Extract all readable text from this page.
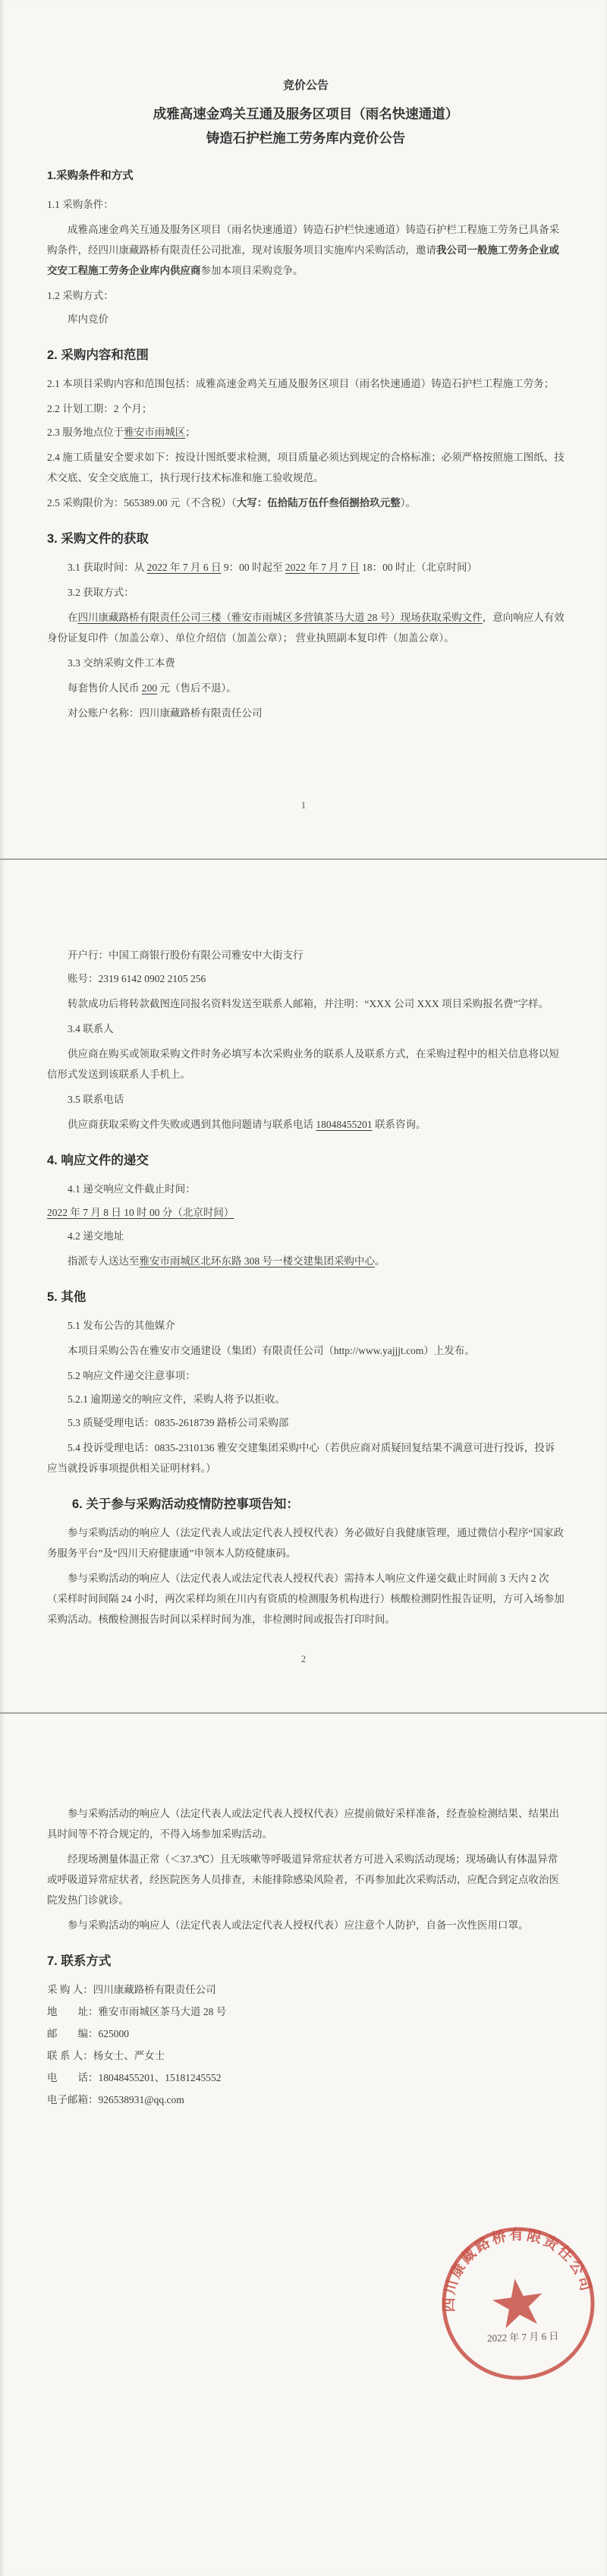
竞价公告
成雅高速金鸡关互通及服务区项目（雨名快速通道）
铸造石护栏施工劳务库内竞价公告
1.采购条件和方式
1.1 采购条件：

成雅高速金鸡关互通及服务区项目（雨名快速通道）铸造石护栏快速通道）铸造石护栏工程施工劳务已具备采购条件，经四川康藏路桥有限责任公司批准，现对该服务项目实施库内采购活动，邀请我公司一般施工劳务企业或交安工程施工劳务企业库内供应商参加本项目采购竞争。

1.2 采购方式：
库内竞价
2. 采购内容和范围

2.1 本项目采购内容和范围包括：成雅高速金鸡关互通及服务区项目（雨名快速通道）铸造石护栏工程施工劳务；

2.2 计划工期：2 个月；
2.3 服务地点位于雅安市雨城区；

2.4 施工质量安全要求如下：按设计图纸要求检测，项目质量必须达到规定的合格标准；必须严格按照施工图纸、技术交底、安全交底施工，执行现行技术标准和施工验收规范。

2.5 采购限价为：565389.00 元（不含税）（大写：伍拾陆万伍仟叁佰捌拾玖元整）。
3. 采购文件的获取

3.1 获取时间：从 2022 年 7 月 6 日 9：00 时起至 2022 年 7 月 7 日 18：00 时止（北京时间）

3.2 获取方式：

在四川康藏路桥有限责任公司三楼（雅安市雨城区多营镇茶马大道 28 号）现场获取采购文件，意向响应人有效身份证复印件（加盖公章）、单位介绍信（加盖公章）； 营业执照副本复印件（加盖公章）。

3.3 交纳采购文件工本费

每套售价人民币 200 元（售后不退）。

对公账户名称：四川康藏路桥有限责任公司
1
开户行：中国工商银行股份有限公司雅安中大街支行
账号：2319 6142 0902 2105 256

转款成功后将转款截图连同报名资料发送至联系人邮箱，并注明：“XXX 公司 XXX 项目采购报名费”字样。

3.4 联系人

供应商在购买或领取采购文件时务必填写本次采购业务的联系人及联系方式，在采购过程中的相关信息将以短信形式发送到该联系人手机上。

3.5 联系电话

供应商获取采购文件失败或遇到其他问题请与联系电话 18048455201 联系咨询。

4. 响应文件的递交
4.1 递交响应文件截止时间：
2022 年 7 月 8 日 10 时 00 分（北京时间）
4.2 递交地址

指派专人送达至雅安市雨城区北环东路 308 号一楼交建集团采购中心。

5. 其他
5.1 发布公告的其他媒介

本项目采购公告在雅安市交通建设（集团）有限责任公司（http://www.yajjjt.com）上发布。

5.2 响应文件递交注意事项：
5.2.1 逾期递交的响应文件，采购人将予以拒收。
5.3 质疑受理电话：0835-2618739 路桥公司采购部

5.4 投诉受理电话：0835-2310136 雅安交建集团采购中心（若供应商对质疑回复结果不满意可进行投诉，投诉应当就投诉事项提供相关证明材料。）

6. 关于参与采购活动疫情防控事项告知：

参与采购活动的响应人（法定代表人或法定代表人授权代表）务必做好自我健康管理，通过微信小程序“国家政务服务平台”及“四川天府健康通”申领本人防疫健康码。

参与采购活动的响应人（法定代表人或法定代表人授权代表）需持本人响应文件递交截止时间前 3 天内 2 次（采样时间间隔 24 小时，两次采样均须在川内有资质的检测服务机构进行）核酸检测阴性报告证明，方可入场参加采购活动。核酸检测报告时间以采样时间为准，非检测时间或报告打印时间。

2

参与采购活动的响应人（法定代表人或法定代表人授权代表）应提前做好采样准备，经查验检测结果、结果出具时间等不符合规定的，不得入场参加采购活动。

经现场测量体温正常（＜37.3℃）且无咳嗽等呼吸道异常症状者方可进入采购活动现场；现场确认有体温异常或呼吸道异常症状者，经医院医务人员排查，未能排除感染风险者，不再参加此次采购活动，应配合到定点收治医院发热门诊就诊。

参与采购活动的响应人（法定代表人或法定代表人授权代表）应注意个人防护，自备一次性医用口罩。

7. 联系方式
采 购 人：四川康藏路桥有限责任公司
地　　址：雅安市雨城区茶马大道 28 号
邮　　编：625000
联 系 人：杨女士、严女士
电　　话：18048455201、15181245552
电子邮箱：926538931@qq.com
四川康藏路桥有限责任公司
2022 年 7 月 6 日
